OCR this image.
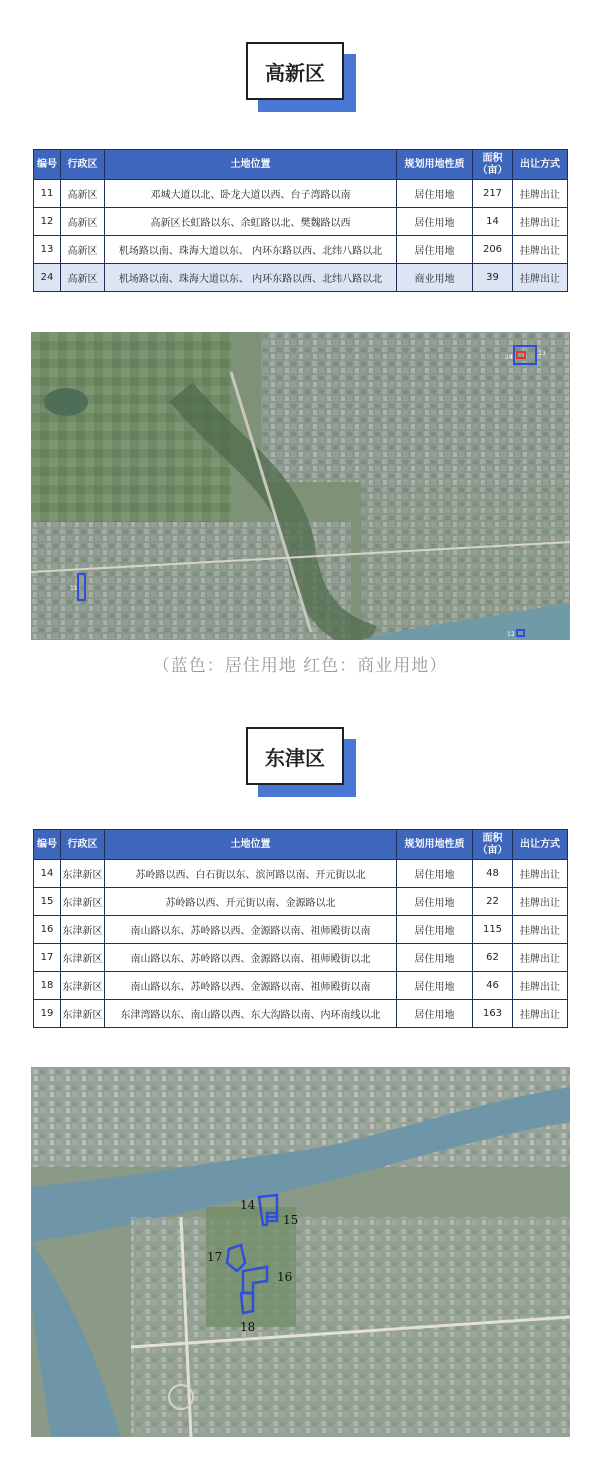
高新区
编号	行政区	土地位置	规划用地性质	面积（亩）	出让方式
11	高新区	邓城大道以北、卧龙大道以西、台子湾路以南	居住用地	217	挂牌出让
12	高新区	高新区长虹路以东、余虹路以北、樊魏路以西	居住用地	14	挂牌出让
13	高新区	机场路以南、珠海大道以东、 内环东路以西、北纬八路以北	居住用地	206	挂牌出让
24	高新区	机场路以南、珠海大道以东、 内环东路以西、北纬八路以北	商业用地	39	挂牌出让
24
13
11
12
（蓝色：居住用地 红色：商业用地）
东津区
编号	行政区	土地位置	规划用地性质	面积（亩）	出让方式
14	东津新区	苏岭路以西、白石街以东、滨河路以南、开元街以北	居住用地	48	挂牌出让
15	东津新区	苏岭路以西、开元街以南、金源路以北	居住用地	22	挂牌出让
16	东津新区	南山路以东、苏岭路以西、金源路以南、祖师殿街以南	居住用地	115	挂牌出让
17	东津新区	南山路以东、苏岭路以西、金源路以南、祖师殿街以北	居住用地	62	挂牌出让
18	东津新区	南山路以东、苏岭路以西、金源路以南、祖师殿街以南	居住用地	46	挂牌出让
19	东津新区	东津湾路以东、南山路以西、东大沟路以南、内环南线以北	居住用地	163	挂牌出让
14
15
16
17
18
